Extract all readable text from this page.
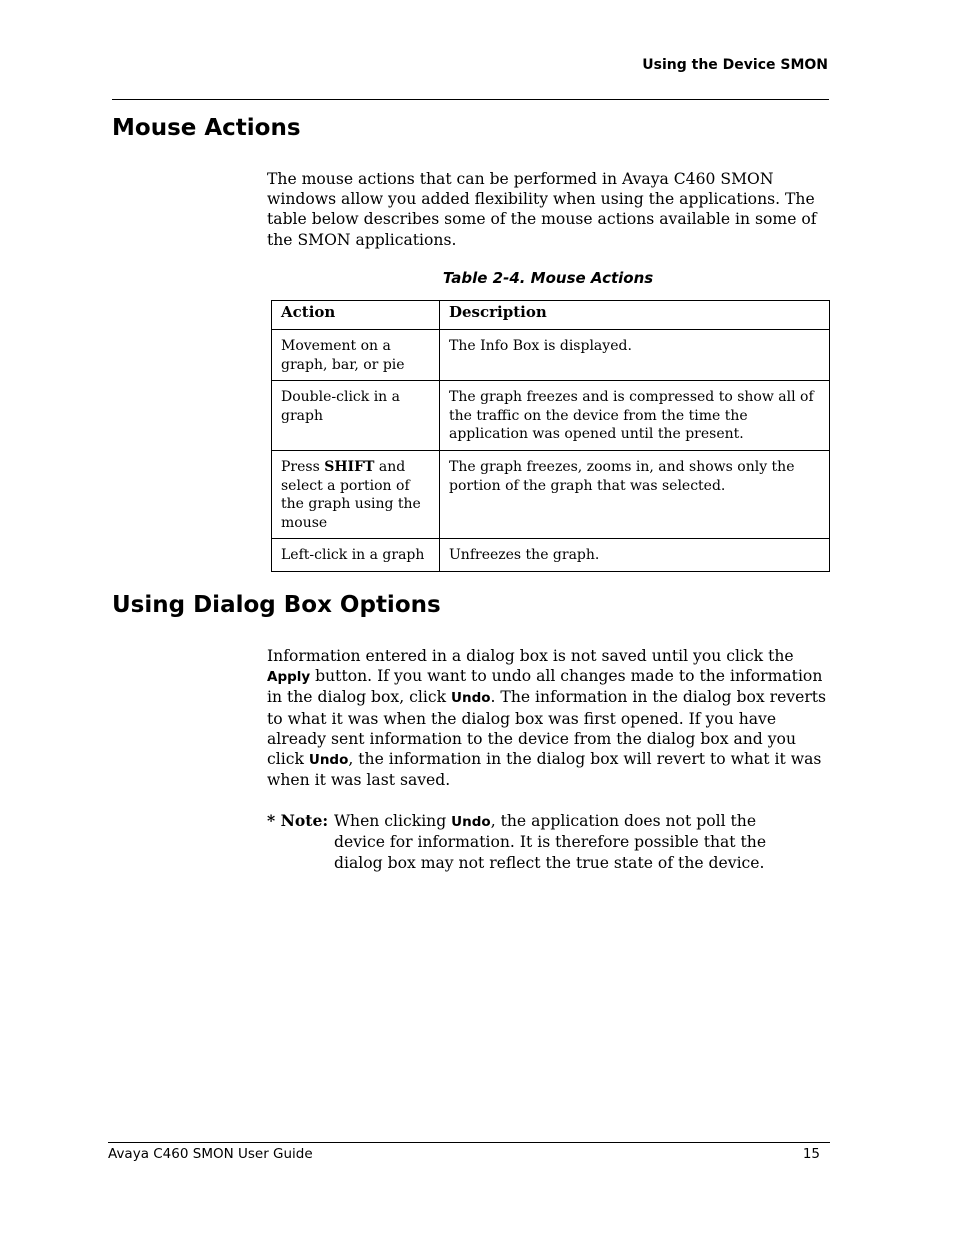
Using the Device SMON
Mouse Actions

The mouse actions that can be performed in Avaya C460 SMON windows allow you added flexibility when using the applications. The table below describes some of the mouse actions available in some of the SMON applications.

Table 2-4. Mouse Actions
Action	Description
Movement on a graph, bar, or pie	The Info Box is displayed.
Double-click in a graph	The graph freezes and is compressed to show all of the traffic on the device from the time the application was opened until the present.
Press SHIFT and select a portion of the graph using the mouse	The graph freezes, zooms in, and shows only the portion of the graph that was selected.
Left-click in a graph	Unfreezes the graph.
Using Dialog Box Options

Information entered in a dialog box is not saved until you click the Apply button. If you want to undo all changes made to the information in the dialog box, click Undo. The information in the dialog box reverts to what it was when the dialog box was first opened. If you have already sent information to the device from the dialog box and you click Undo, the information in the dialog box will revert to what it was when it was last saved.

* Note: When clicking Undo, the application does not poll the device for information. It is therefore possible that the dialog box may not reflect the true state of the device.
Avaya C460 SMON User Guide	15
